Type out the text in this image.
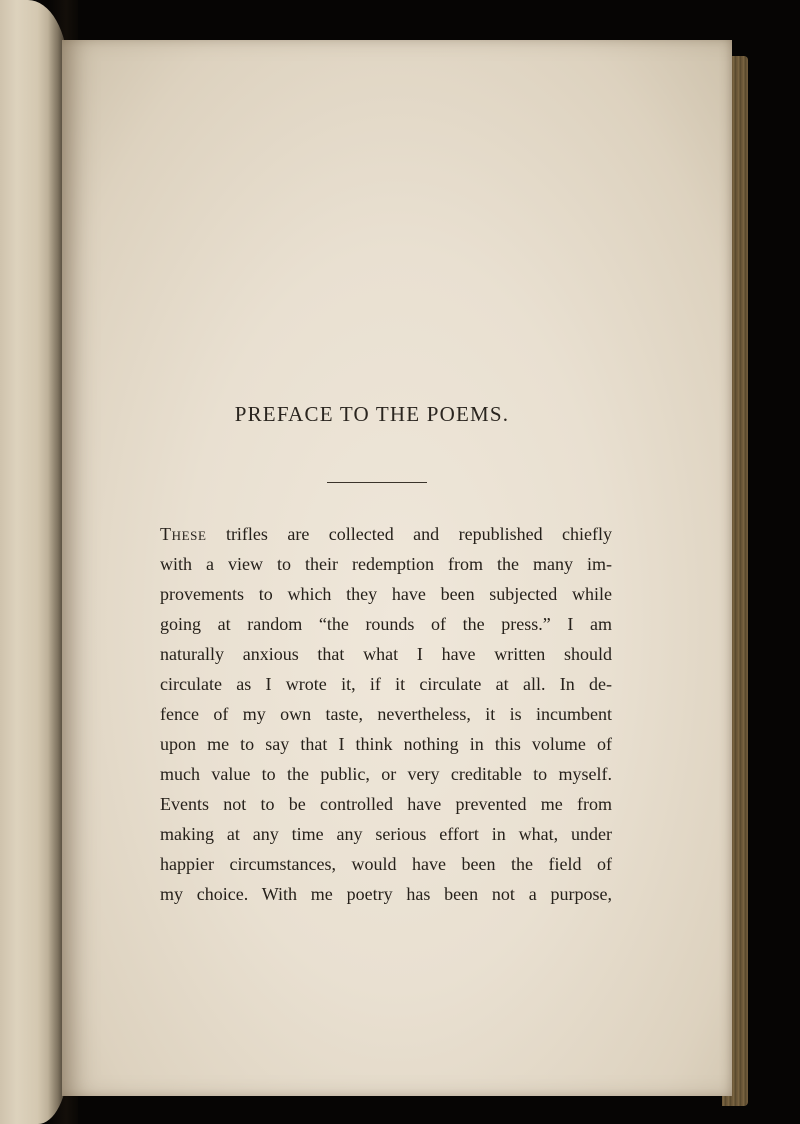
PREFACE TO THE POEMS.
These trifles are collected and republished chiefly
with a view to their redemption from the many im-
provements to which they have been subjected while
going at random “the rounds of the press.” I am
naturally anxious that what I have written should
circulate as I wrote it, if it circulate at all. In de-
fence of my own taste, nevertheless, it is incumbent
upon me to say that I think nothing in this volume of
much value to the public, or very creditable to myself.
Events not to be controlled have prevented me from
making at any time any serious effort in what, under
happier circumstances, would have been the field of
my choice. With me poetry has been not a purpose,
